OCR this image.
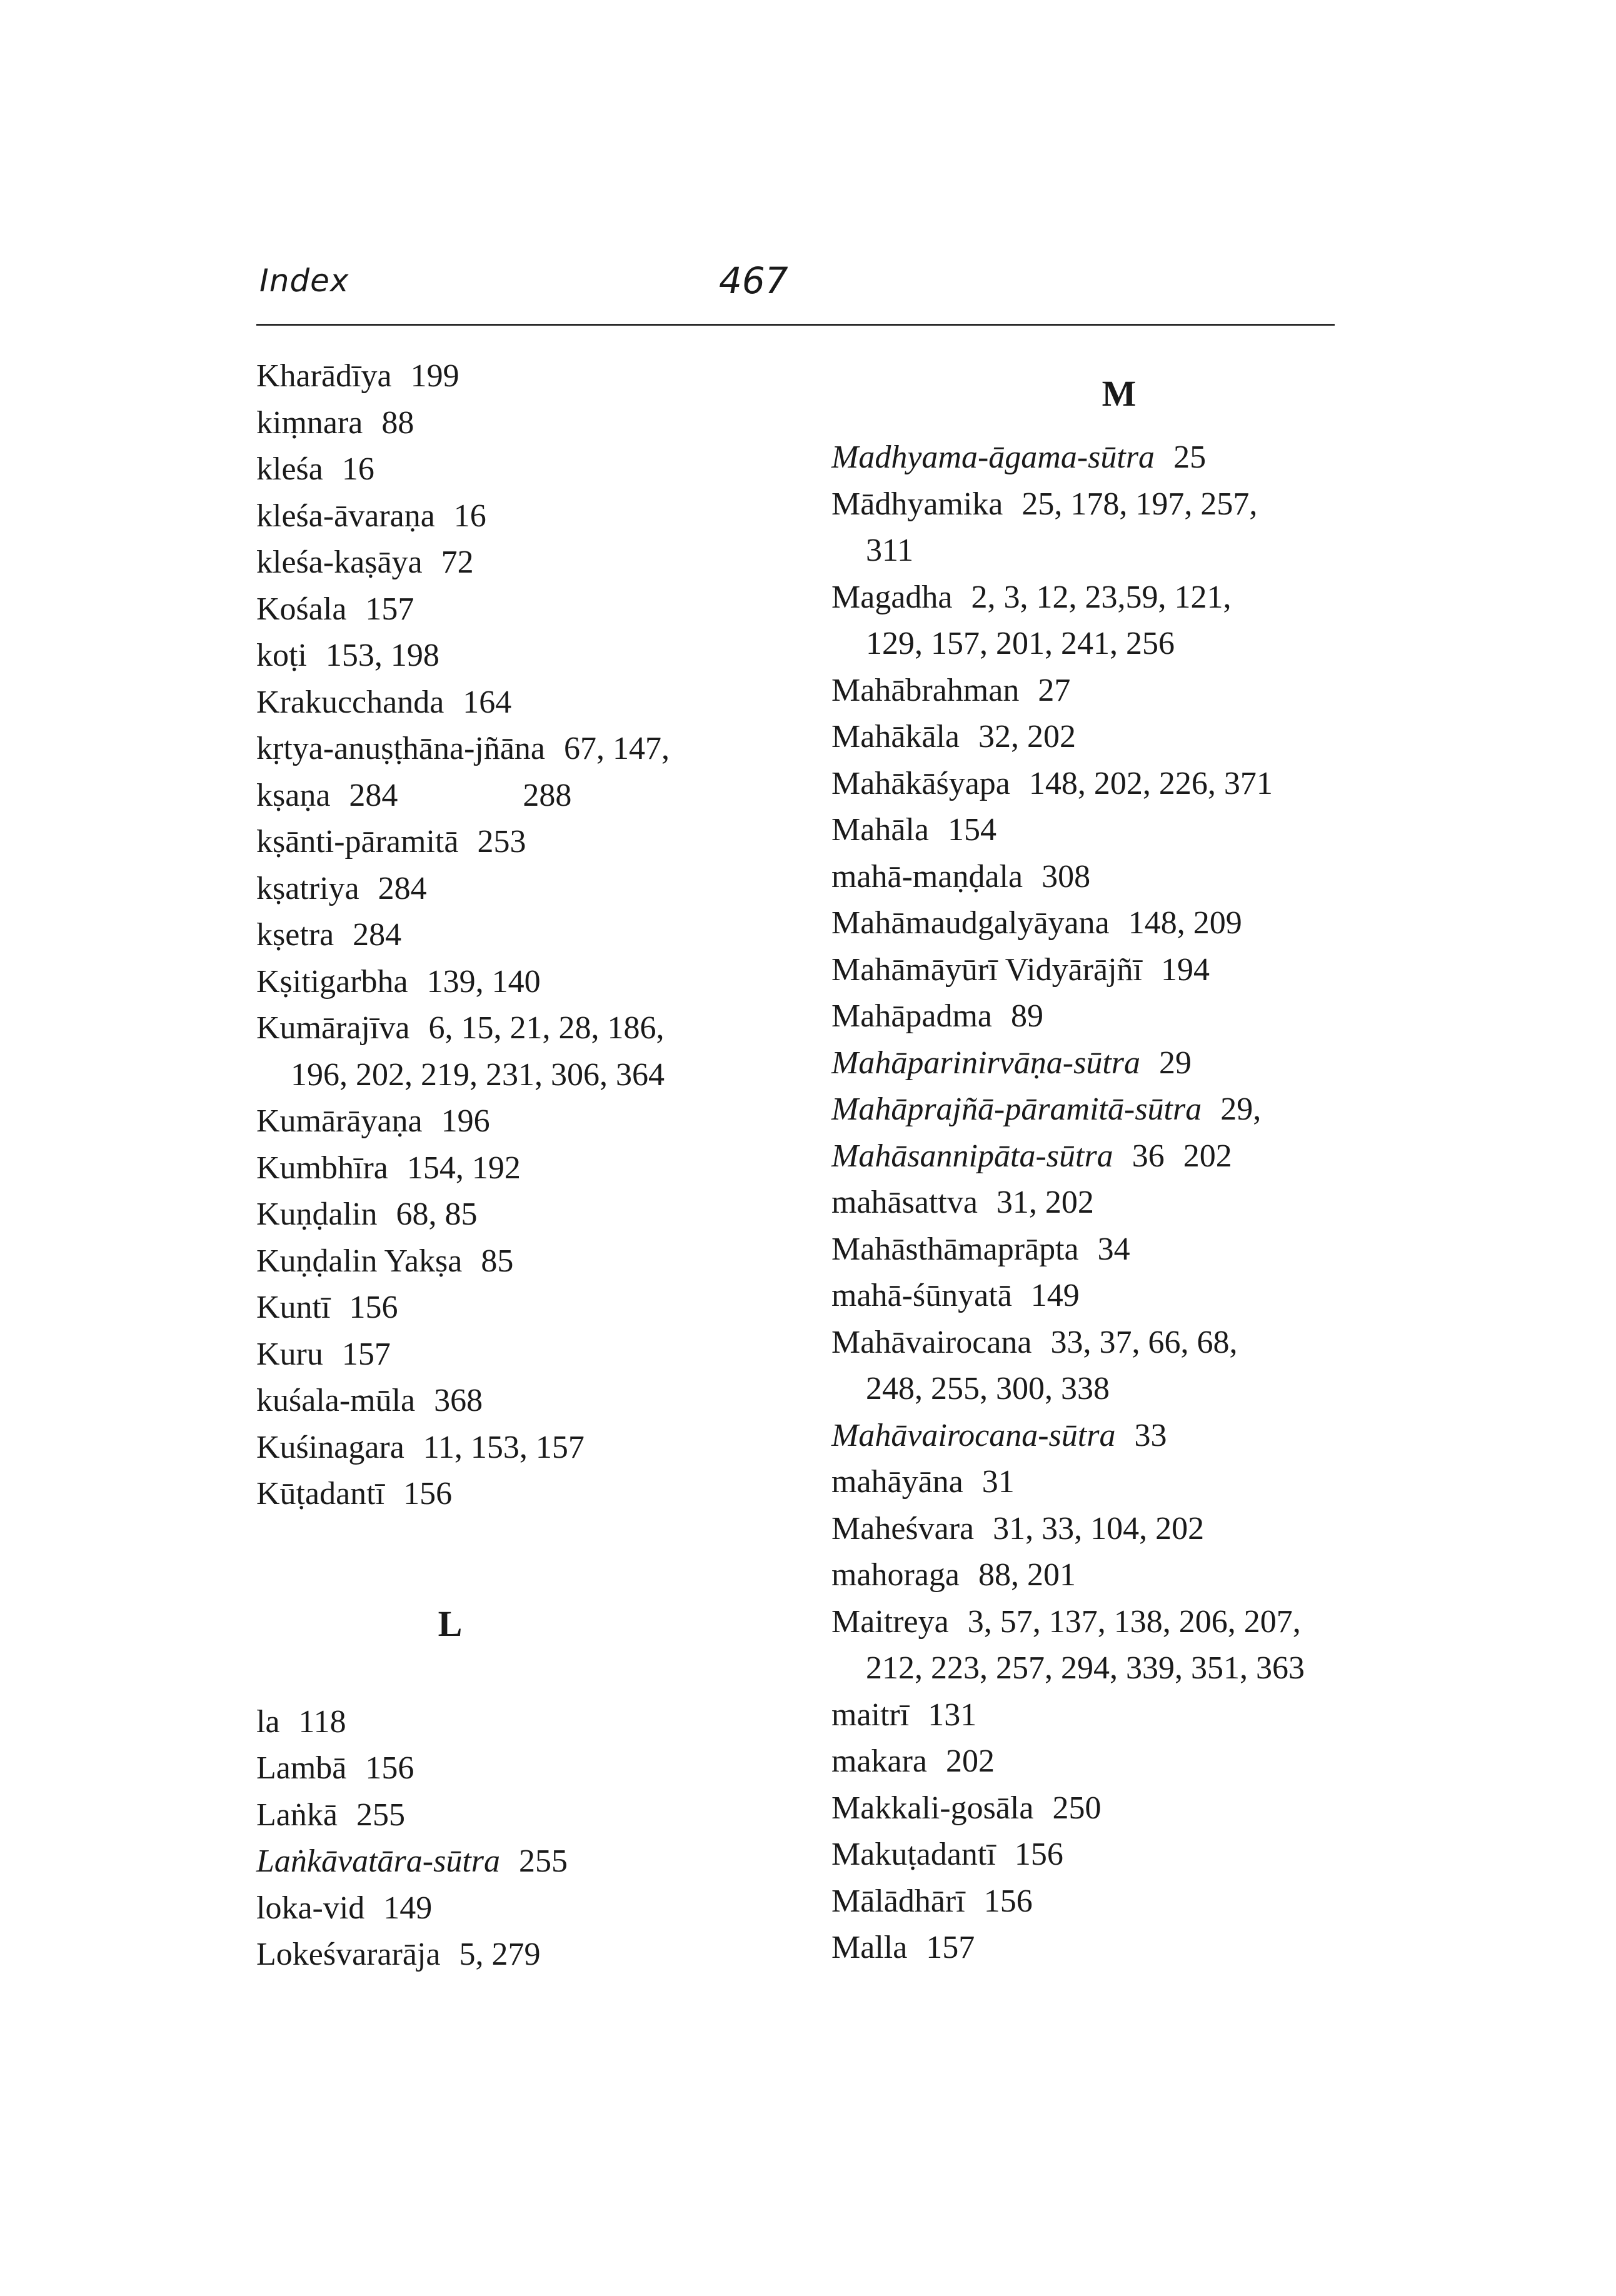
Index	467
Kharādīya 199
kiṃnara 88
kleśa 16
kleśa-āvaraṇa 16
kleśa-kaṣāya 72
Kośala 157
koṭi 153, 198
Krakucchanda 164
kṛtya-anuṣṭhāna-jñāna 67, 147,
kṣaṇa 284	288
kṣānti-pāramitā 253
kṣatriya 284
kṣetra 284
Kṣitigarbha 139, 140
Kumārajīva 6, 15, 21, 28, 186,
196, 202, 219, 231, 306, 364
Kumārāyaṇa 196
Kumbhīra 154, 192
Kuṇḍalin 68, 85
Kuṇḍalin Yakṣa 85
Kuntī 156
Kuru 157
kuśala-mūla 368
Kuśinagara 11, 153, 157
Kūṭadantī 156
L
la 118
Lambā 156
Laṅkā 255
Laṅkāvatāra-sūtra 255
loka-vid 149
Lokeśvararāja 5, 279
M
Madhyama-āgama-sūtra 25
Mādhyamika 25, 178, 197, 257,
311
Magadha 2, 3, 12, 23,59, 121,
129, 157, 201, 241, 256
Mahābrahman 27
Mahākāla 32, 202
Mahākāśyapa 148, 202, 226, 371
Mahāla 154
mahā-maṇḍala 308
Mahāmaudgalyāyana 148, 209
Mahāmāyūrī Vidyārājñī 194
Mahāpadma 89
Mahāparinirvāṇa-sūtra 29
Mahāprajñā-pāramitā-sūtra 29,
Mahāsannipāta-sūtra 36 202
mahāsattva 31, 202
Mahāsthāmaprāpta 34
mahā-śūnyatā 149
Mahāvairocana 33, 37, 66, 68,
248, 255, 300, 338
Mahāvairocana-sūtra 33
mahāyāna 31
Maheśvara 31, 33, 104, 202
mahoraga 88, 201
Maitreya 3, 57, 137, 138, 206, 207,
212, 223, 257, 294, 339, 351, 363
maitrī 131
makara 202
Makkali-gosāla 250
Makuṭadantī 156
Mālādhārī 156
Malla 157
